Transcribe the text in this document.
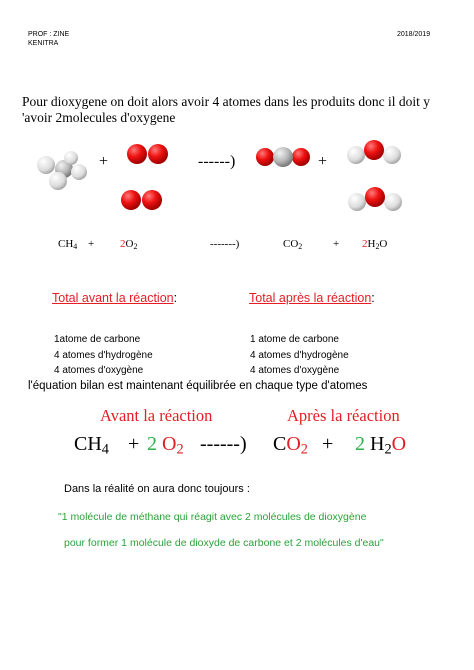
PROF : ZINE
KENITRA
2018/2019
Pour dioxygene on doit alors avoir 4 atomes dans les produits donc il doit y 'avoir 2molecules d'oxygene
+	------)	+
$CH_4 + 2O_2$	-------)	$CO_2$	+ $2H_2O$
Total avant la réaction:	Total après la réaction:
1atome de carbone
4 atomes d'hydrogène
4 atomes d'oxygène
1 atome de carbone
4 atomes d'hydrogène
4 atomes d'oxygène
l'équation bilan est maintenant équilibrée en chaque type d'atomes
Avant la réaction	Après la réaction
$CH_4 + 2$ $O_2$ ------) $CO_2 + 2$ $H_2O$
Dans la réalité on aura donc toujours :
"1 molécule de méthane qui réagit avec 2 molécules de dioxygène
pour former 1 molécule de dioxyde de carbone et 2 molécules d'eau"
